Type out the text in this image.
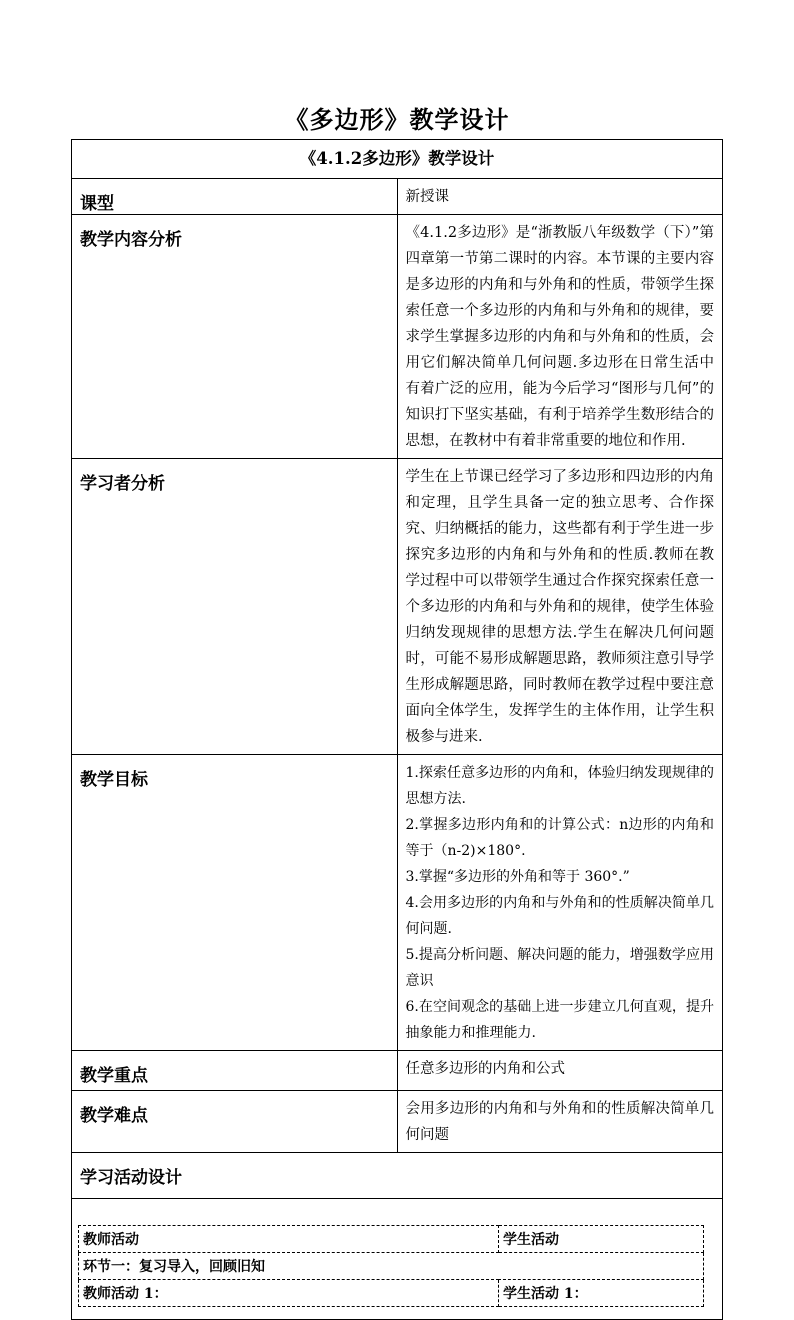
《多边形》教学设计
《4.1.2多边形》教学设计
课型	新授课
教学内容分析	《4.1.2多边形》是“浙教版八年级数学（下）”第四章第一节第二课时的内容。本节课的主要内容是多边形的内角和与外角和的性质，带领学生探索任意一个多边形的内角和与外角和的规律，要求学生掌握多边形的内角和与外角和的性质，会用它们解决简单几何问题.多边形在日常生活中有着广泛的应用，能为今后学习“图形与几何”的知识打下坚实基础，有利于培养学生数形结合的思想，在教材中有着非常重要的地位和作用.
学习者分析	学生在上节课已经学习了多边形和四边形的内角和定理，且学生具备一定的独立思考、合作探究、归纳概括的能力，这些都有利于学生进一步探究多边形的内角和与外角和的性质.教师在教学过程中可以带领学生通过合作探究探索任意一个多边形的内角和与外角和的规律，使学生体验归纳发现规律的思想方法.学生在解决几何问题时，可能不易形成解题思路，教师须注意引导学生形成解题思路，同时教师在教学过程中要注意面向全体学生，发挥学生的主体作用，让学生积极参与进来.
教学目标	1.探索任意多边形的内角和，体验归纳发现规律的思想方法.
2.掌握多边形内角和的计算公式：n边形的内角和等于（n-2)×180°.
3.掌握“多边形的外角和等于 360°.”
4.会用多边形的内角和与外角和的性质解决简单几何问题.
5.提高分析问题、解决问题的能力，增强数学应用意识
6.在空间观念的基础上进一步建立几何直观，提升抽象能力和推理能力.

教学重点	任意多边形的内角和公式
教学难点	会用多边形的内角和与外角和的性质解决简单几何问题
学习活动设计

教师活动	学生活动
环节一：复习导入，回顾旧知
教师活动 1：	学生活动 1：
